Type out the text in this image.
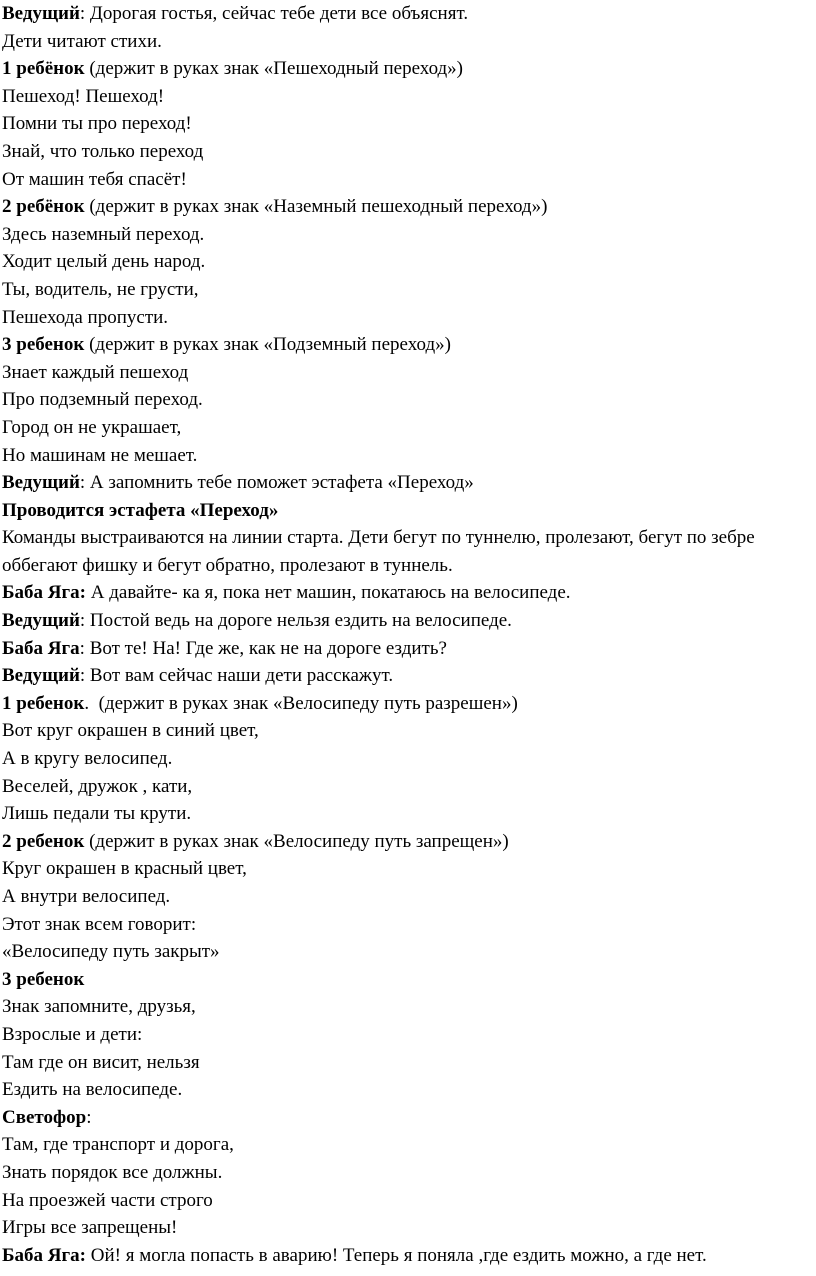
Ведущий: Дорогая гостья, сейчас тебе дети все объяснят.
Дети читают стихи.
1 ребёнок (держит в руках знак «Пешеходный переход»)
Пешеход! Пешеход!
Помни ты про переход!
Знай, что только переход
От машин тебя спасёт!
2 ребёнок (держит в руках знак «Наземный пешеходный переход»)
Здесь наземный переход.
Ходит целый день народ.
Ты, водитель, не грусти,
Пешехода пропусти.
3 ребенок (держит в руках знак «Подземный переход»)
Знает каждый пешеход
Про подземный переход.
Город он не украшает,
Но машинам не мешает.
Ведущий: А запомнить тебе поможет эстафета «Переход»
Проводится эстафета «Переход»
Команды выстраиваются на линии старта. Дети бегут по туннелю, пролезают, бегут по зебре оббегают фишку и бегут обратно, пролезают в туннель.
Баба Яга: А давайте- ка я, пока нет машин, покатаюсь на велосипеде.
Ведущий: Постой ведь на дороге нельзя ездить на велосипеде.
Баба Яга: Вот те! На! Где же, как не на дороге ездить?
Ведущий: Вот вам сейчас наши дети расскажут.
1 ребенок.  (держит в руках знак «Велосипеду путь разрешен»)
Вот круг окрашен в синий цвет,
А в кругу велосипед.
Веселей, дружок , кати,
Лишь педали ты крути.
2 ребенок (держит в руках знак «Велосипеду путь запрещен»)
Круг окрашен в красный цвет,
А внутри велосипед.
Этот знак всем говорит:
«Велосипеду путь закрыт»
3 ребенок
Знак запомните, друзья,
Взрослые и дети:
Там где он висит, нельзя
Ездить на велосипеде.
Светофор:
Там, где транспорт и дорога,
Знать порядок все должны.
На проезжей части строго
Игры все запрещены!
Баба Яга: Ой! я могла попасть в аварию! Теперь я поняла ,где ездить можно, а где нет.
